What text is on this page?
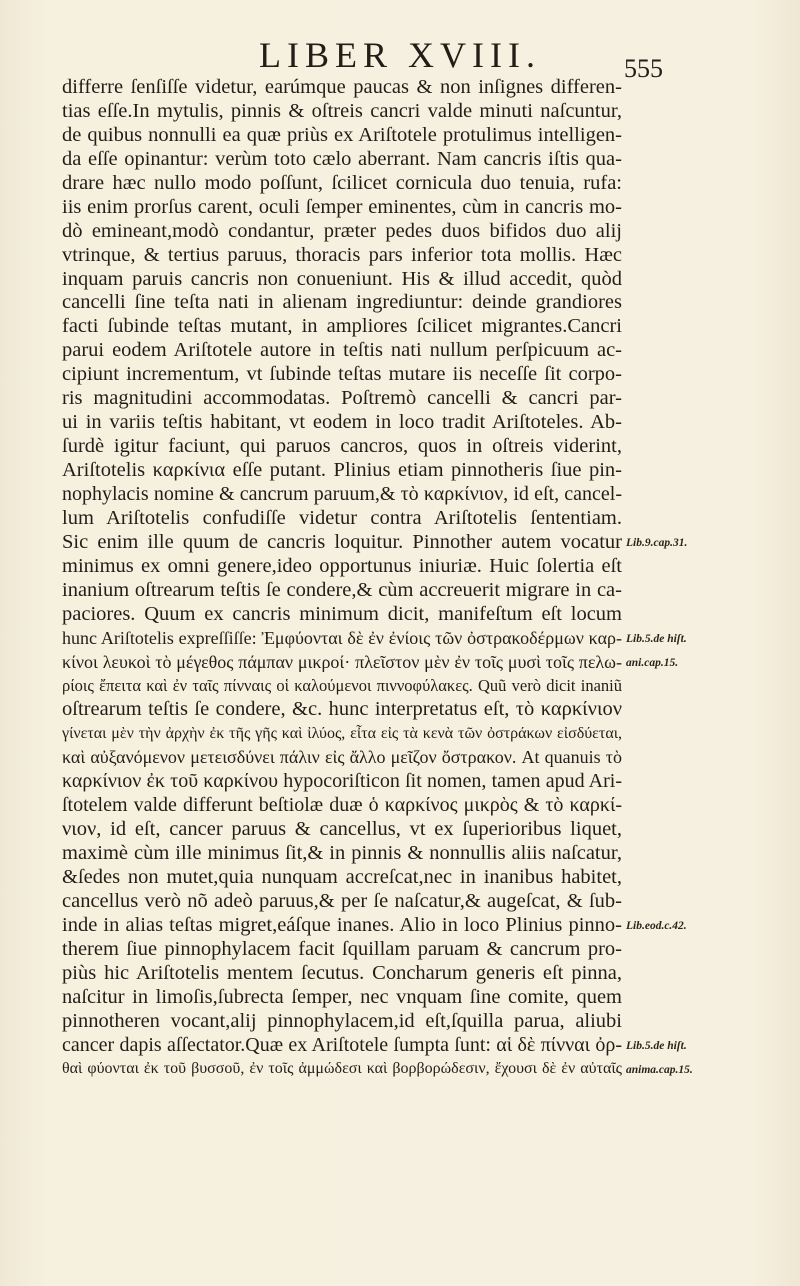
LIBER XVIII.	555
differre ſenſiſſe videtur, earúmque paucas & non inſignes differen-
tias eſſe.In mytulis, pinnis & oſtreis cancri valde minuti naſcuntur,
de quibus nonnulli ea quæ priùs ex Ariſtotele protulimus intelligen-
da eſſe opinantur: verùm toto cælo aberrant. Nam cancris iſtis qua-
drare hæc nullo modo poſſunt, ſcilicet cornicula duo tenuia, rufa:
iis enim prorſus carent, oculi ſemper eminentes, cùm in cancris mo-
dò emineant,modò condantur, præter pedes duos bifidos duo alij
vtrinque, & tertius paruus, thoracis pars inferior tota mollis. Hæc
inquam paruis cancris non conueniunt. His & illud accedit, quòd
cancelli ſine teſta nati in alienam ingrediuntur: deinde grandiores
facti ſubinde teſtas mutant, in ampliores ſcilicet migrantes.Cancri
parui eodem Ariſtotele autore in teſtis nati nullum perſpicuum ac-
cipiunt incrementum, vt ſubinde teſtas mutare iis neceſſe ſit corpo-
ris magnitudini accommodatas. Poſtremò cancelli & cancri par-
ui in variis teſtis habitant, vt eodem in loco tradit Ariſtoteles. Ab-
ſurdè igitur faciunt, qui paruos cancros, quos in oſtreis viderint,
Ariſtotelis καρκίνια eſſe putant. Plinius etiam pinnotheris ſiue pin-
nophylacis nomine & cancrum paruum,& τὸ καρκίνιον, id eſt, cancel-
lum Ariſtotelis confudiſſe videtur contra Ariſtotelis ſententiam.
Sic enim ille quum de cancris loquitur. Pinnother autem vocatur
minimus ex omni genere,ideo opportunus iniuriæ. Huic ſolertia eſt
inanium oſtrearum teſtis ſe condere,& cùm accreuerit migrare in ca-
paciores. Quum ex cancris minimum dicit, manifeſtum eſt locum
hunc Ariſtotelis expreſſiſſe: Ἐμφύονται δὲ ἐν ἐνίοις τῶν ὀστρακοδέρμων καρ-
κίνοι λευκοὶ τὸ μέγεθος πάμπαν μικροί· πλεῖστον μὲν ἐν τοῖς μυσὶ τοῖς πελω-
ρίοις ἔπειτα καὶ ἐν ταῖς πίνναις οἱ καλούμενοι πιννοφύλακες. Quũ verò dicit inaniũ
oſtrearum teſtis ſe condere, &c. hunc interpretatus eſt, τὸ καρκίνιον
γίνεται μὲν τὴν ἀρχὴν ἐκ τῆς γῆς καὶ ἰλύος, εἶτα εἰς τὰ κενὰ τῶν ὀστράκων εἰσδύεται,
καὶ αὐξανόμενον μετεισδύνει πάλιν εἰς ἄλλο μεῖζον ὄστρακον. At quanuis τὸ
καρκίνιον ἐκ τοῦ καρκίνου hypocoriſticon ſit nomen, tamen apud Ari-
ſtotelem valde differunt beſtiolæ duæ ὁ καρκίνος μικρὸς & τὸ καρκί-
νιον, id eſt, cancer paruus & cancellus, vt ex ſuperioribus liquet,
maximè cùm ille minimus ſit,& in pinnis & nonnullis aliis naſcatur,
&ſedes non mutet,quia nunquam accreſcat,nec in inanibus habitet,
cancellus verò nõ adeò paruus,& per ſe naſcatur,& augeſcat, & ſub-
inde in alias teſtas migret,eáſque inanes. Alio in loco Plinius pinno-
therem ſiue pinnophylacem facit ſquillam paruam & cancrum pro-
piùs hic Ariſtotelis mentem ſecutus. Concharum generis eſt pinna,
naſcitur in limoſis,ſubrecta ſemper, nec vnquam ſine comite, quem
pinnotheren vocant,alij pinnophylacem,id eſt,ſquilla parua, aliubi
cancer dapis aſſectator.Quæ ex Ariſtotele ſumpta ſunt: αἱ δὲ πίνναι ὀρ-
θαὶ φύονται ἐκ τοῦ βυσσοῦ, ἐν τοῖς ἀμμώδεσι καὶ βορβορώδεσιν, ἔχουσι δὲ ἐν αὐταῖς
Lib.9.cap.31.
Lib.5.de hiſt.
ani.cap.15.
Lib.eod.c.42.
Lib.5.de hiſt.
anima.cap.15.
